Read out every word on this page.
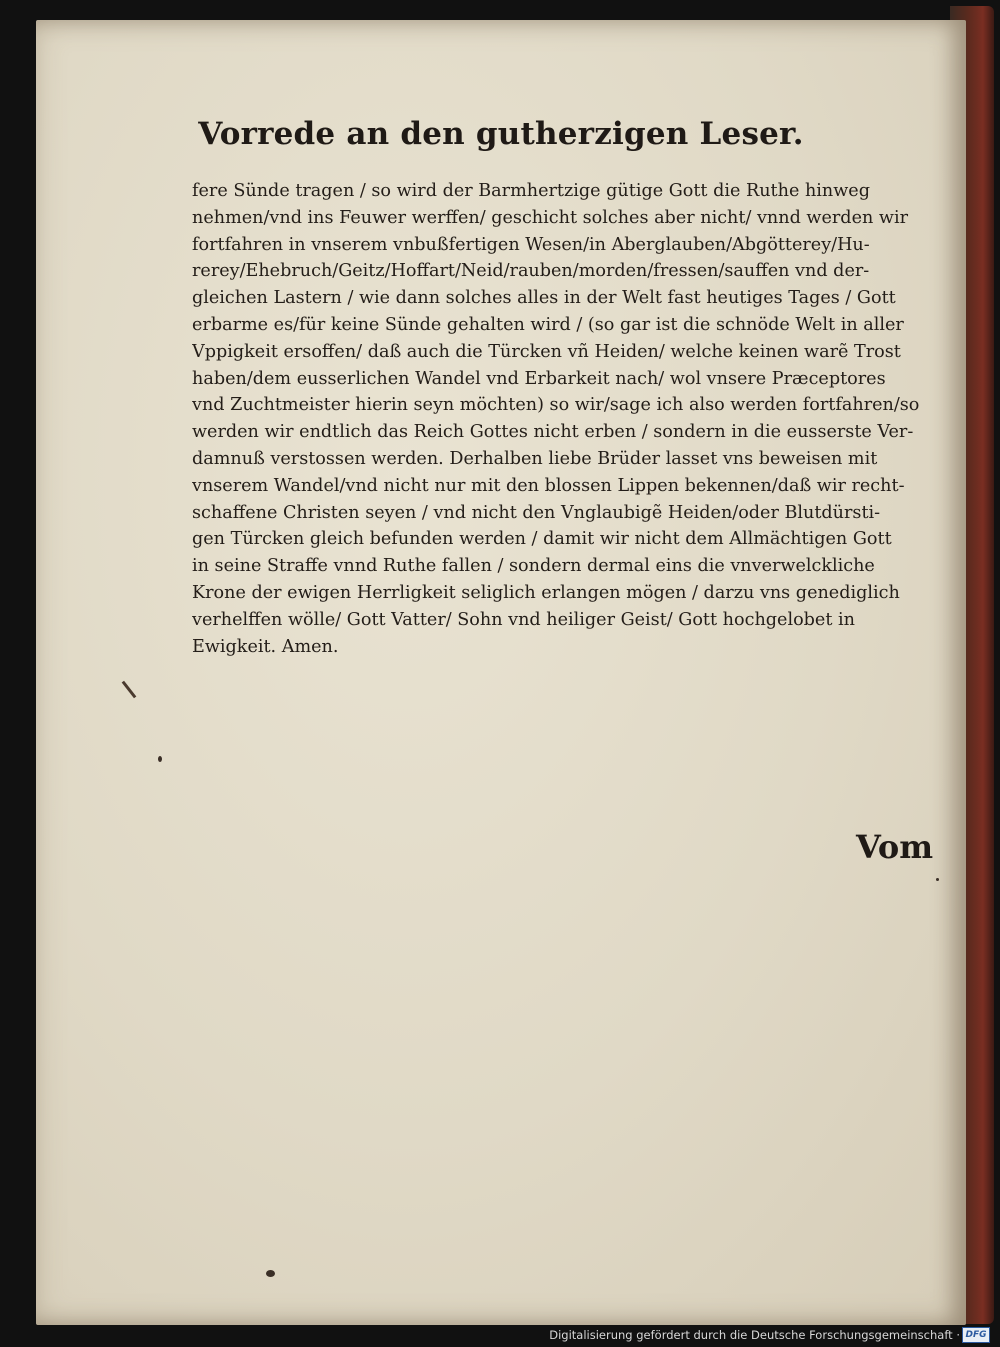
Vorrede an den gutherzigen Leser.

fere Sünde tragen / so wird der Barmhertzige gütige Gott die Ruthe hinweg
nehmen/vnd ins Feuwer werffen/ geschicht solches aber nicht/ vnnd werden wir
fortfahren in vnserem vnbußfertigen Wesen/in Aberglauben/Abgötterey/Hu-
rerey/Ehebruch/Geitz/Hoffart/Neid/rauben/morden/fressen/sauffen vnd der-
gleichen Lastern / wie dann solches alles in der Welt fast heutiges Tages / Gott
erbarme es/für keine Sünde gehalten wird / (so gar ist die schnöde Welt in aller
Vppigkeit ersoffen/ daß auch die Türcken vñ Heiden/ welche keinen warẽ Trost
haben/dem eusserlichen Wandel vnd Erbarkeit nach/ wol vnsere Præceptores
vnd Zuchtmeister hierin seyn möchten) so wir/sage ich also werden fortfahren/so
werden wir endtlich das Reich Gottes nicht erben / sondern in die eusserste Ver-
damnuß verstossen werden. Derhalben liebe Brüder lasset vns beweisen mit
vnserem Wandel/vnd nicht nur mit den blossen Lippen bekennen/daß wir recht-
schaffene Christen seyen / vnd nicht den Vnglaubigẽ Heiden/oder Blutdürsti-
gen Türcken gleich befunden werden / damit wir nicht dem Allmächtigen Gott
in seine Straffe vnnd Ruthe fallen / sondern dermal eins die vnverwelckliche
Krone der ewigen Herrligkeit seliglich erlangen mögen / darzu vns genediglich
verhelffen wölle/ Gott Vatter/ Sohn vnd heiliger Geist/ Gott hochgelobet in
Ewigkeit. Amen.

Vom
Digitalisierung gefördert durch die Deutsche Forschungsgemeinschaft · DFG
